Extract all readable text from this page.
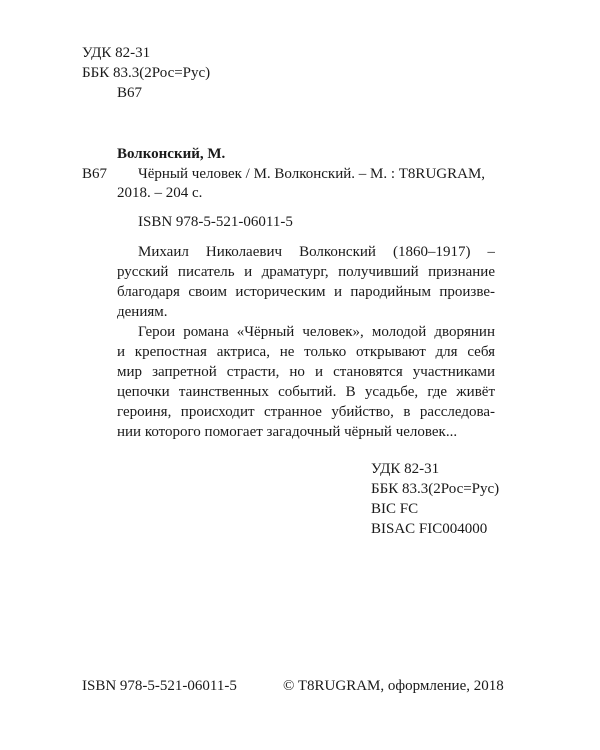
УДК 82-31
ББК 83.3(2Рос=Рус)
В67
Волконский, М.
В67 Чёрный человек / М. Волконский. – М. : T8RUGRAM,
2018. – 204 с.
ISBN 978-5-521-06011-5
Михаил Николаевич Волконский (1860–1917) –
русский писатель и драматург, получивший признание
благодаря своим историческим и пародийным произве-
дениям.
Герои романа «Чёрный человек», молодой дворянин
и крепостная актриса, не только открывают для себя
мир запретной страсти, но и становятся участниками
цепочки таинственных событий. В усадьбе, где живёт
героиня, происходит странное убийство, в расследова-
нии которого помогает загадочный чёрный человек...
УДК 82-31
ББК 83.3(2Рос=Рус)
BIC FC
BISAC FIC004000
ISBN 978-5-521-06011-5	© T8RUGRAM, оформление, 2018
